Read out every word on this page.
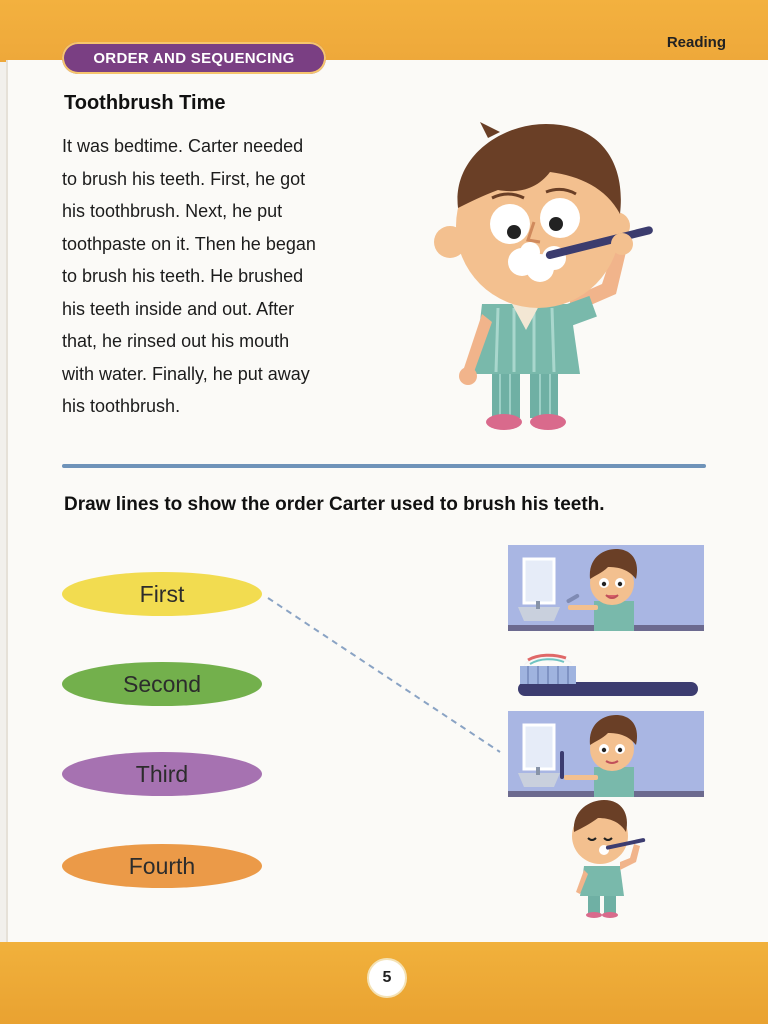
ORDER AND SEQUENCING
Reading
Toothbrush Time
It was bedtime. Carter needed
to brush his teeth. First, he got
his toothbrush. Next, he put
toothpaste on it. Then he began
to brush his teeth. He brushed
his teeth inside and out. After
that, he rinsed out his mouth
with water. Finally, he put away
his toothbrush.
Draw lines to show the order Carter used to brush his teeth.
First
Second
Third
Fourth
5
